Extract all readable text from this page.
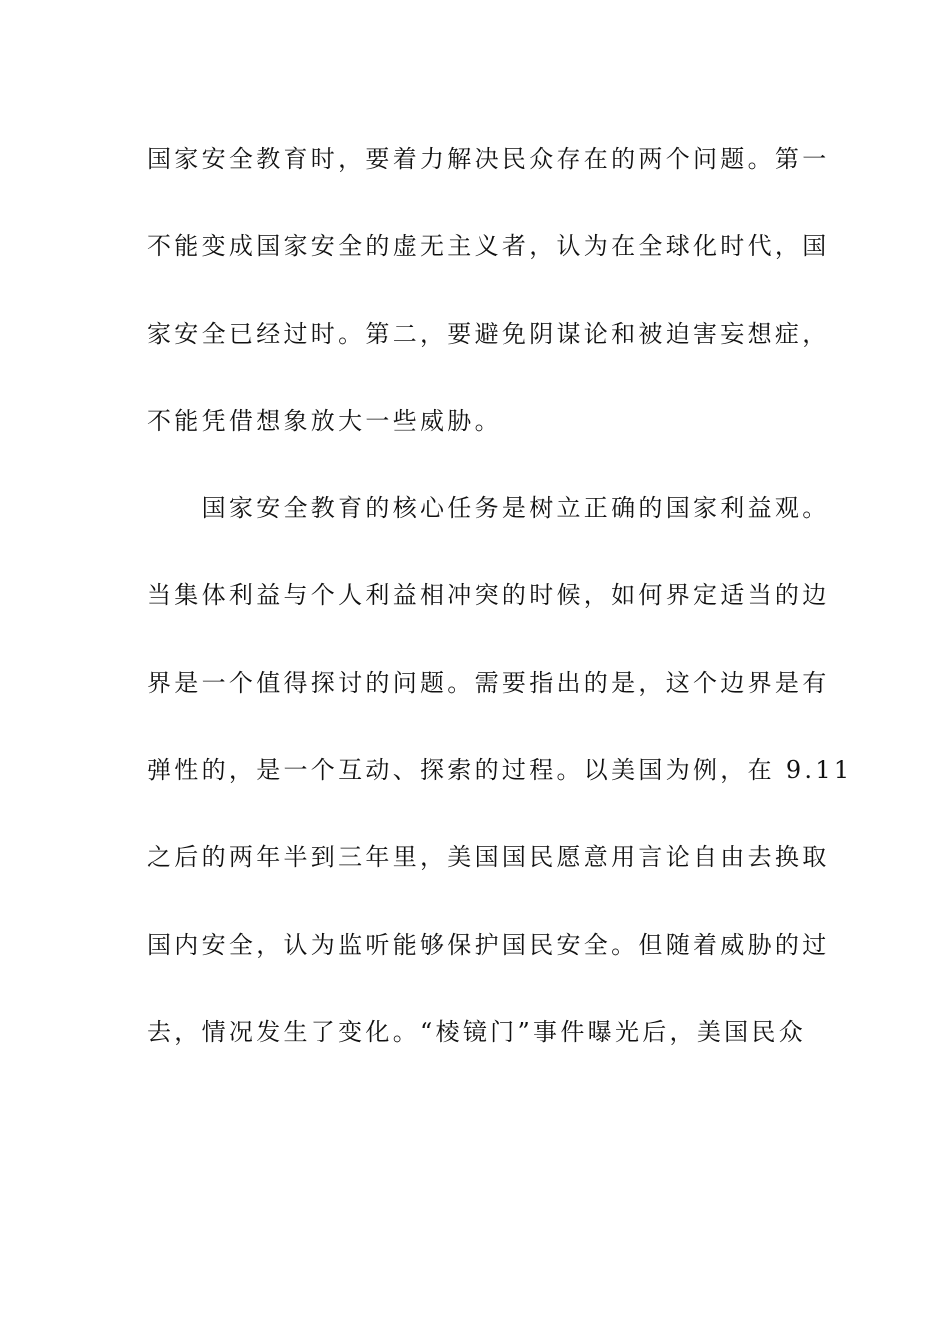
国家安全教育时，要着力解决民众存在的两个问题。第一
不能变成国家安全的虚无主义者，认为在全球化时代，国
家安全已经过时。第二，要避免阴谋论和被迫害妄想症，
不能凭借想象放大一些威胁。
　　国家安全教育的核心任务是树立正确的国家利益观。
当集体利益与个人利益相冲突的时候，如何界定适当的边
界是一个值得探讨的问题。需要指出的是，这个边界是有
弹性的，是一个互动、探索的过程。以美国为例，在 9.11
之后的两年半到三年里，美国国民愿意用言论自由去换取
国内安全，认为监听能够保护国民安全。但随着威胁的过
去，情况发生了变化。“棱镜门”事件曝光后，美国民众
